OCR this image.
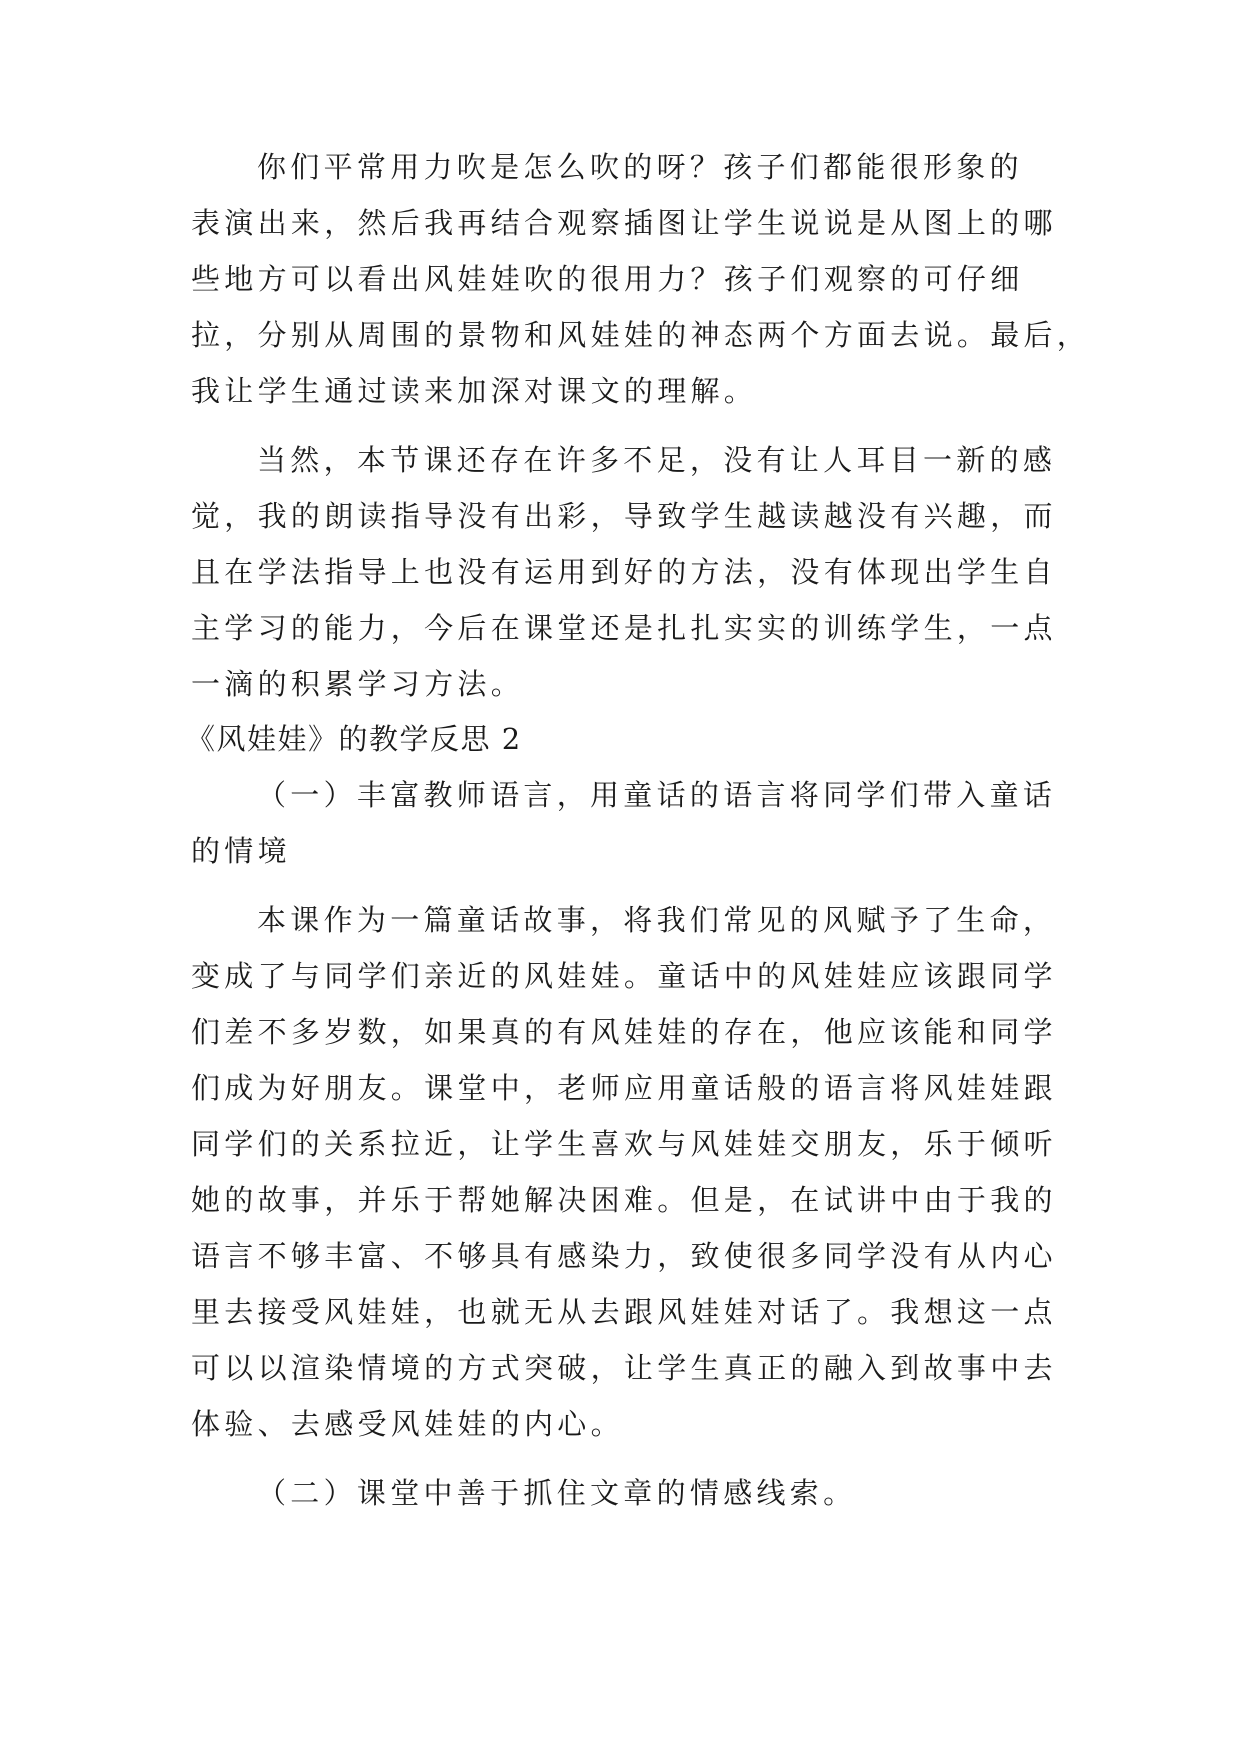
你们平常用力吹是怎么吹的呀？孩子们都能很形象的
表演出来，然后我再结合观察插图让学生说说是从图上的哪
些地方可以看出风娃娃吹的很用力？孩子们观察的可仔细
拉，分别从周围的景物和风娃娃的神态两个方面去说。最后，
我让学生通过读来加深对课文的理解。
当然，本节课还存在许多不足，没有让人耳目一新的感
觉，我的朗读指导没有出彩，导致学生越读越没有兴趣，而
且在学法指导上也没有运用到好的方法，没有体现出学生自
主学习的能力，今后在课堂还是扎扎实实的训练学生，一点
一滴的积累学习方法。
《风娃娃》的教学反思 2
（一）丰富教师语言，用童话的语言将同学们带入童话
的情境
本课作为一篇童话故事，将我们常见的风赋予了生命，
变成了与同学们亲近的风娃娃。童话中的风娃娃应该跟同学
们差不多岁数，如果真的有风娃娃的存在，他应该能和同学
们成为好朋友。课堂中，老师应用童话般的语言将风娃娃跟
同学们的关系拉近，让学生喜欢与风娃娃交朋友，乐于倾听
她的故事，并乐于帮她解决困难。但是，在试讲中由于我的
语言不够丰富、不够具有感染力，致使很多同学没有从内心
里去接受风娃娃，也就无从去跟风娃娃对话了。我想这一点
可以以渲染情境的方式突破，让学生真正的融入到故事中去
体验、去感受风娃娃的内心。
（二）课堂中善于抓住文章的情感线索。
